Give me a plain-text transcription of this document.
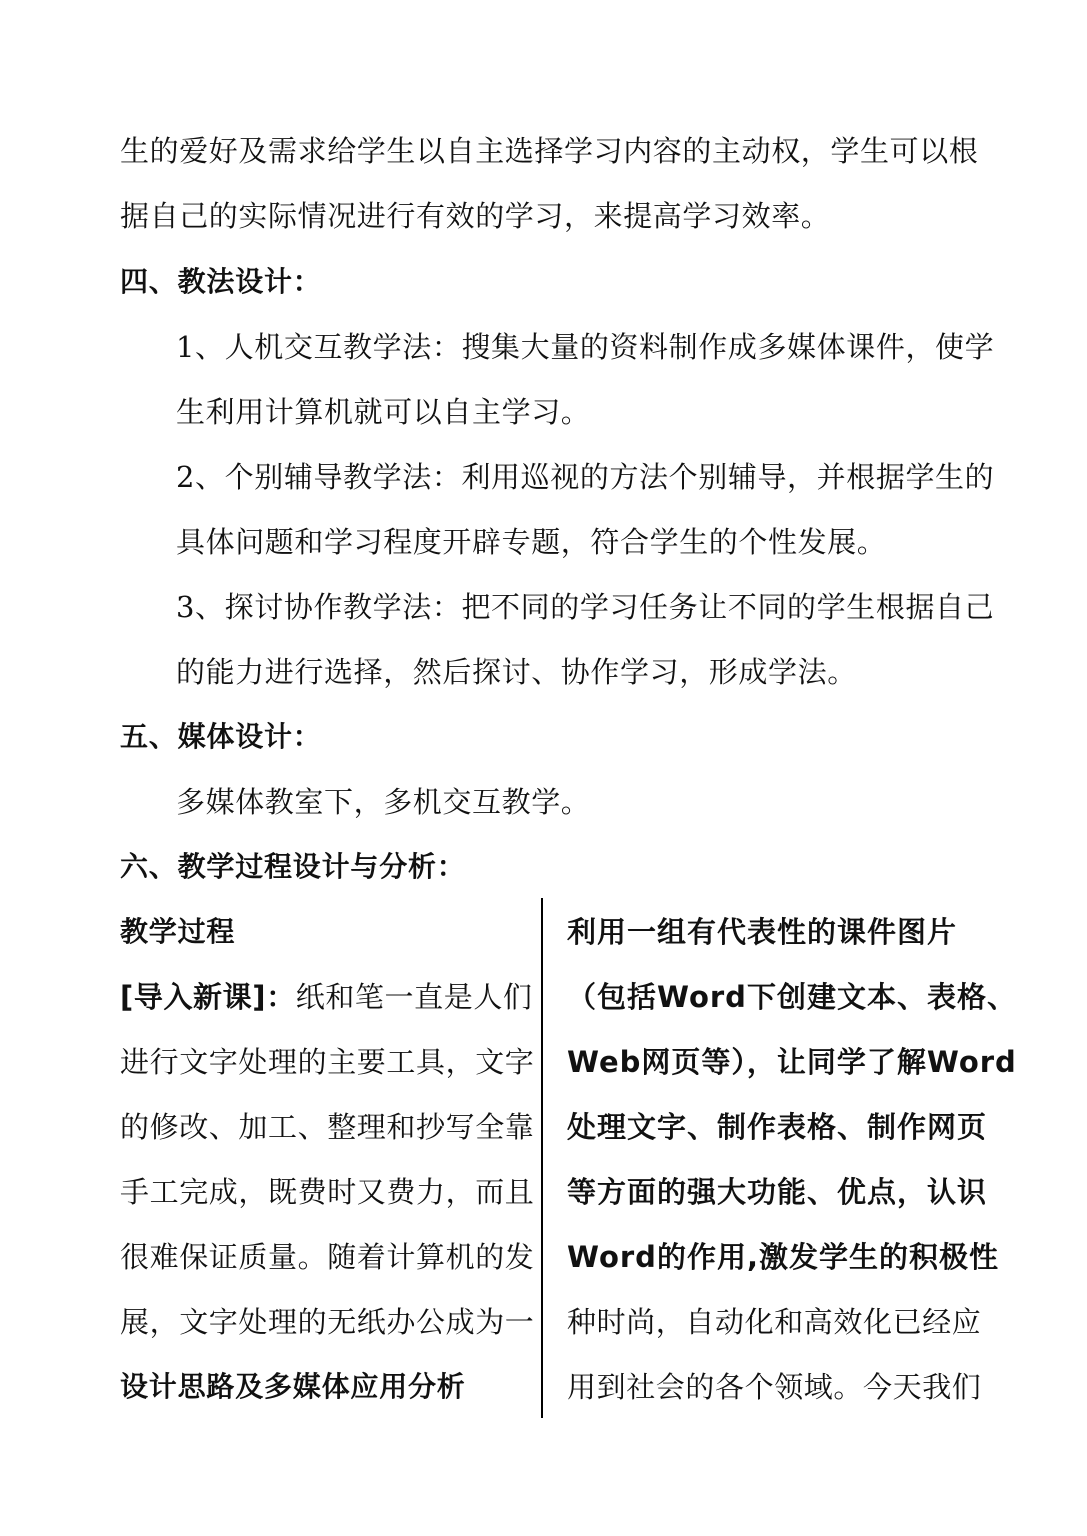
生的爱好及需求给学生以自主选择学习内容的主动权，学生可以根
据自己的实际情况进行有效的学习，来提高学习效率。
四、教法设计：
1、人机交互教学法：搜集大量的资料制作成多媒体课件，使学
生利用计算机就可以自主学习。
2、个别辅导教学法：利用巡视的方法个别辅导，并根据学生的
具体问题和学习程度开辟专题，符合学生的个性发展。
3、探讨协作教学法：把不同的学习任务让不同的学生根据自己
的能力进行选择，然后探讨、协作学习，形成学法。
五、媒体设计：
多媒体教室下，多机交互教学。
六、教学过程设计与分析：
教学过程
[导入新课]：纸和笔一直是人们
进行文字处理的主要工具，文字
的修改、加工、整理和抄写全靠
手工完成，既费时又费力，而且
很难保证质量。随着计算机的发
展，文字处理的无纸办公成为一
设计思路及多媒体应用分析
利用一组有代表性的课件图片
（包括Word下创建文本、表格、
Web网页等），让同学了解Word
处理文字、制作表格、制作网页
等方面的强大功能、优点，认识
Word的作用,激发学生的积极性
种时尚，自动化和高效化已经应
用到社会的各个领域。今天我们
